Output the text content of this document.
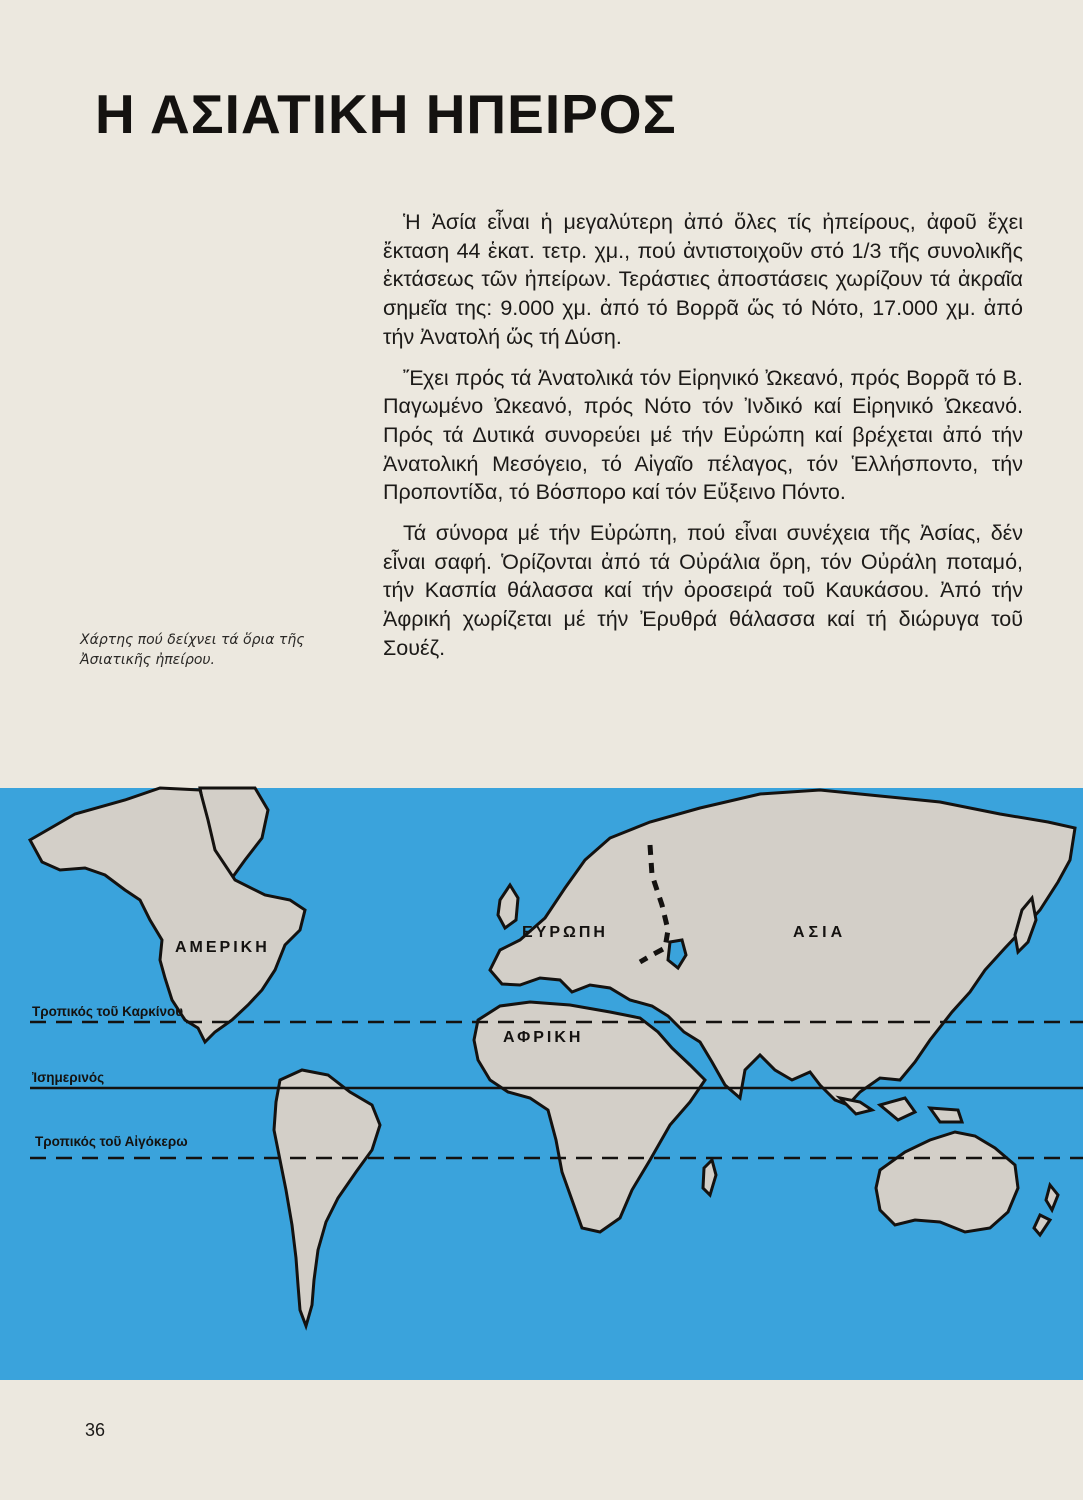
Η ΑΣΙΑΤΙΚΗ ΗΠΕΙΡΟΣ

Ἡ Ἀσία εἶναι ἡ μεγαλύτερη ἀπό ὅλες τίς ἠπείρους, ἀφοῦ ἔχει ἔκταση 44 ἑκατ. τετρ. χμ., πού ἀντιστοιχοῦν στό 1/3 τῆς συνολικῆς ἐκτάσεως τῶν ἠπείρων. Τεράστιες ἀποστάσεις χωρίζουν τά ἀκραῖα σημεῖα της: 9.000 χμ. ἀπό τό Βορρᾶ ὥς τό Νότο, 17.000 χμ. ἀπό τήν Ἀνατολή ὥς τή Δύση.

Ἔχει πρός τά Ἀνατολικά τόν Εἰρηνικό Ὠκεανό, πρός Βορρᾶ τό Β. Παγωμένο Ὠκεανό, πρός Νότο τόν Ἰνδικό καί Εἰρηνικό Ὠκεανό. Πρός τά Δυτικά συνορεύει μέ τήν Εὐρώπη καί βρέχεται ἀπό τήν Ἀνατολική Μεσόγειο, τό Αἰγαῖο πέλαγος, τόν Ἑλλήσποντο, τήν Προποντίδα, τό Βόσπορο καί τόν Εὔξεινο Πόντο.

Τά σύνορα μέ τήν Εὐρώπη, πού εἶναι συνέχεια τῆς Ἀσίας, δέν εἶναι σαφή. Ὁρίζονται ἀπό τά Οὐράλια ὄρη, τόν Οὐράλη ποταμό, τήν Κασπία θάλασσα καί τήν ὀροσειρά τοῦ Καυκάσου. Ἀπό τήν Ἀφρική χωρίζεται μέ τήν Ἐρυθρά θάλασσα καί τή διώρυγα τοῦ Σουέζ.

Χάρτης πού δείχνει τά ὅρια τῆς Ἀσιατικῆς ἠπείρου.

ΑΜΕΡΙΚΗ
ΕΥΡΩΠΗ	ΑΣΙΑ
ΑΦΡΙΚΗ
Τροπικός τοῦ Καρκίνου
Ἰσημερινός
Τροπικός τοῦ Αἰγόκερω
36
